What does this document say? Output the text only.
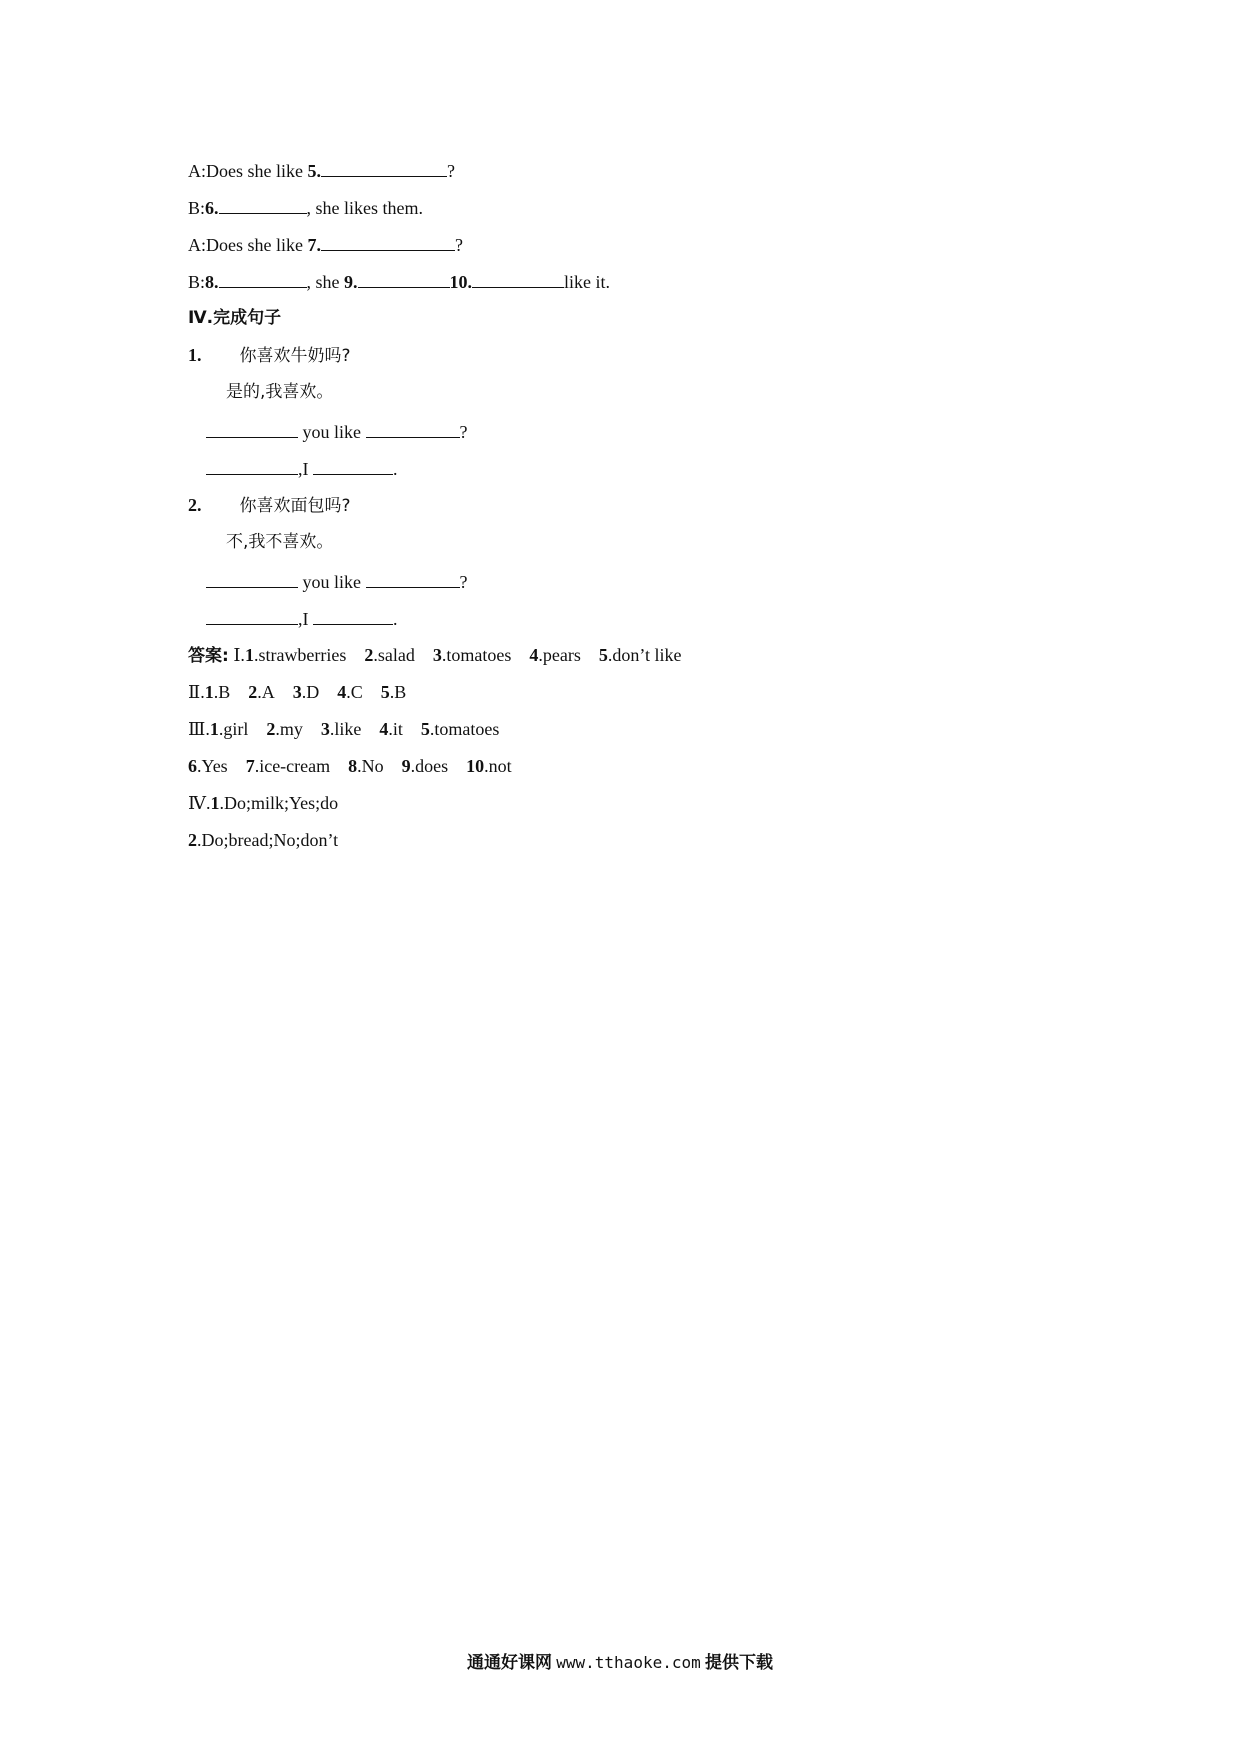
A:Does she like 5.	?
B:6.	, she likes them.
A:Does she like 7.	?
B:8.	, she 9.	10.	like it.
Ⅳ.完成句子
1. 你喜欢牛奶吗?
是的,我喜欢。
you like	?
,I	.
2. 你喜欢面包吗?
不,我不喜欢。
you like	?
,I	.
答案: Ⅰ.1.strawberries 2.salad 3.tomatoes 4.pears 5.don’t like
Ⅱ.1.B 2.A 3.D 4.C 5.B
Ⅲ.1.girl 2.my 3.like 4.it 5.tomatoes
6.Yes 7.ice-cream 8.No 9.does 10.not
Ⅳ.1.Do;milk;Yes;do
2.Do;bread;No;don’t
通通好课网 www.tthaoke.com 提供下载
